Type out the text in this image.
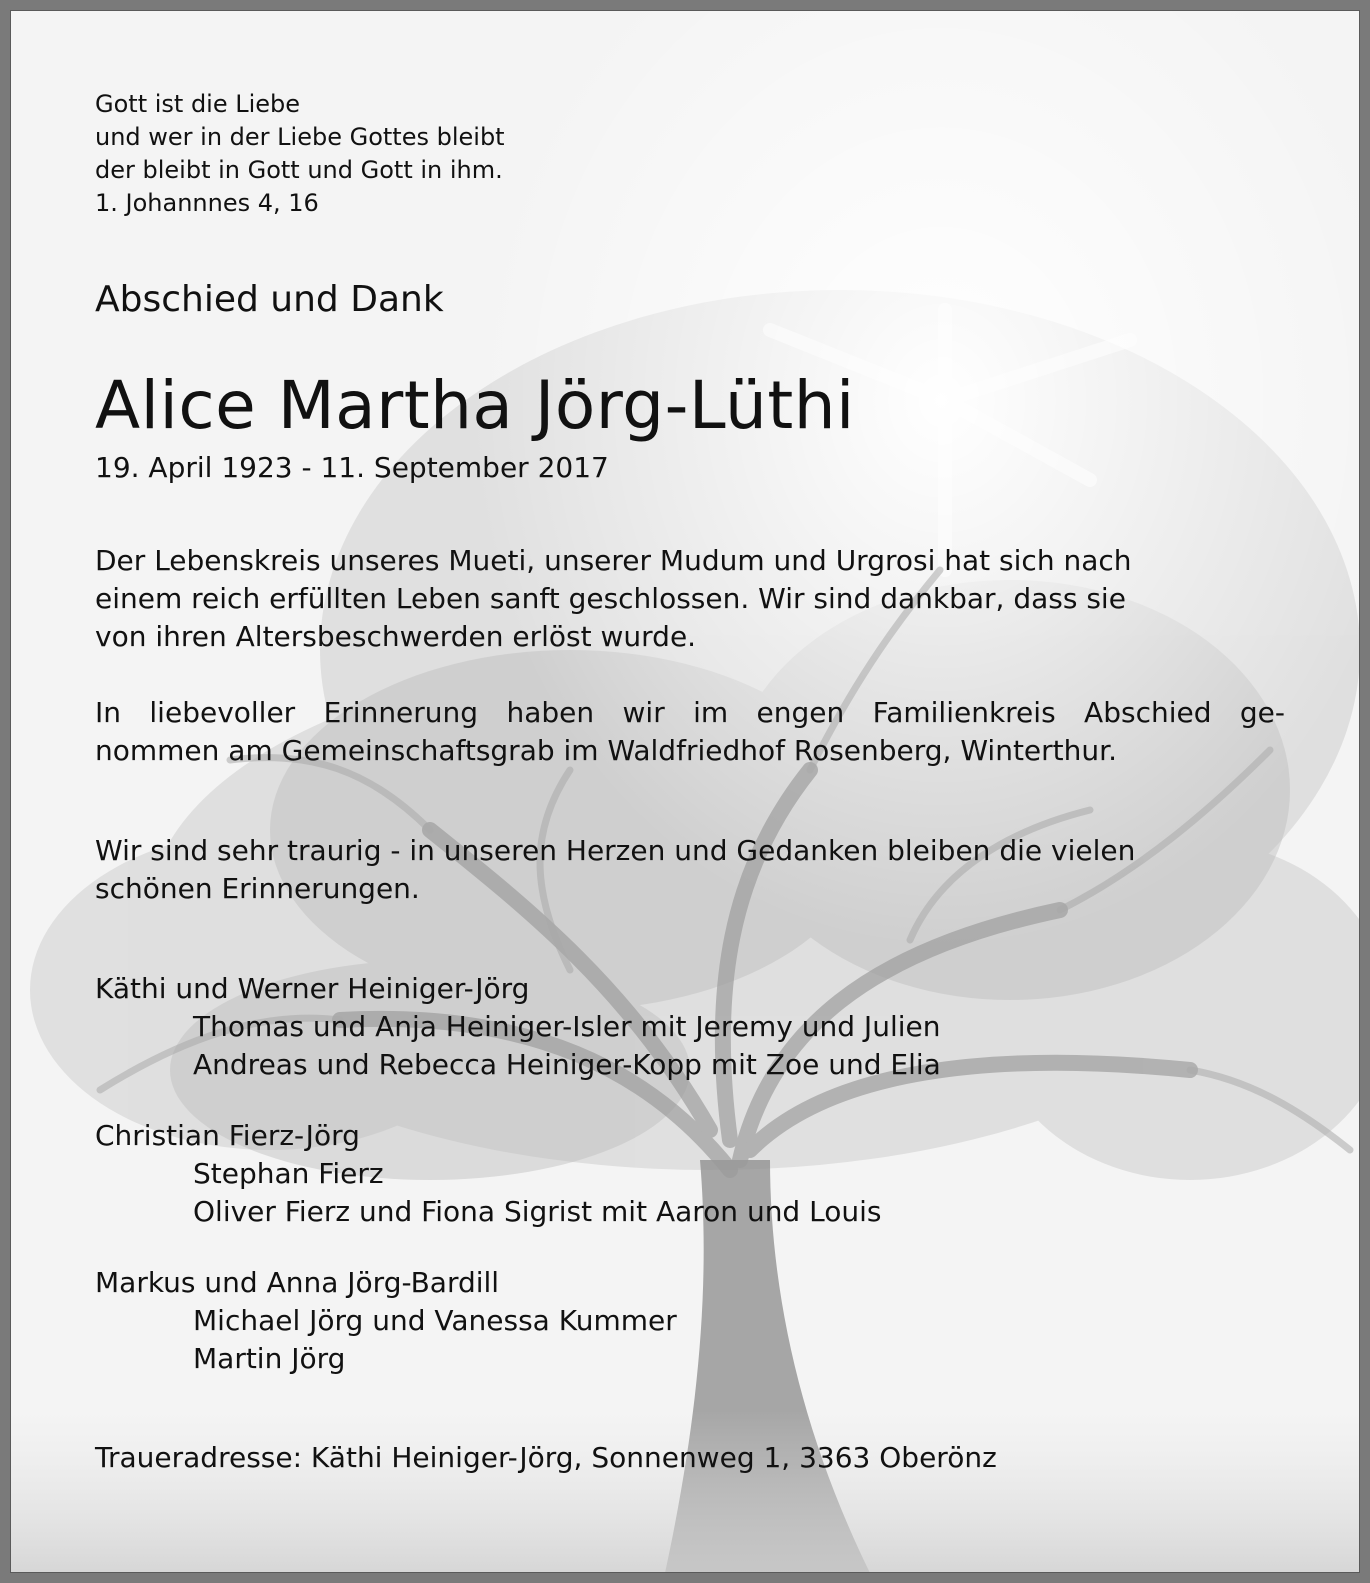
Gott ist die Liebe
und wer in der Liebe Gottes bleibt
der bleibt in Gott und Gott in ihm.
1. Johannnes 4, 16
Abschied und Dank
Alice Martha Jörg-Lüthi
19. April 1923 - 11. September 2017
Der Lebenskreis unseres Mueti, unserer Mudum und Urgrosi hat sich nach
einem reich erfüllten Leben sanft geschlossen. Wir sind dankbar, dass sie
von ihren Altersbeschwerden erlöst wurde.
In liebevoller Erinnerung haben wir im engen Familienkreis Abschied ge-
nommen am Gemeinschaftsgrab im Waldfriedhof Rosenberg, Winterthur.
Wir sind sehr traurig - in unseren Herzen und Gedanken bleiben die vielen
schönen Erinnerungen.
Käthi und Werner Heiniger-Jörg
Thomas und Anja Heiniger-Isler mit Jeremy und Julien
Andreas und Rebecca Heiniger-Kopp mit Zoe und Elia
Christian Fierz-Jörg
Stephan Fierz
Oliver Fierz und Fiona Sigrist mit Aaron und Louis
Markus und Anna Jörg-Bardill
Michael Jörg und Vanessa Kummer
Martin Jörg
Traueradresse: Käthi Heiniger-Jörg, Sonnenweg 1, 3363 Oberönz
